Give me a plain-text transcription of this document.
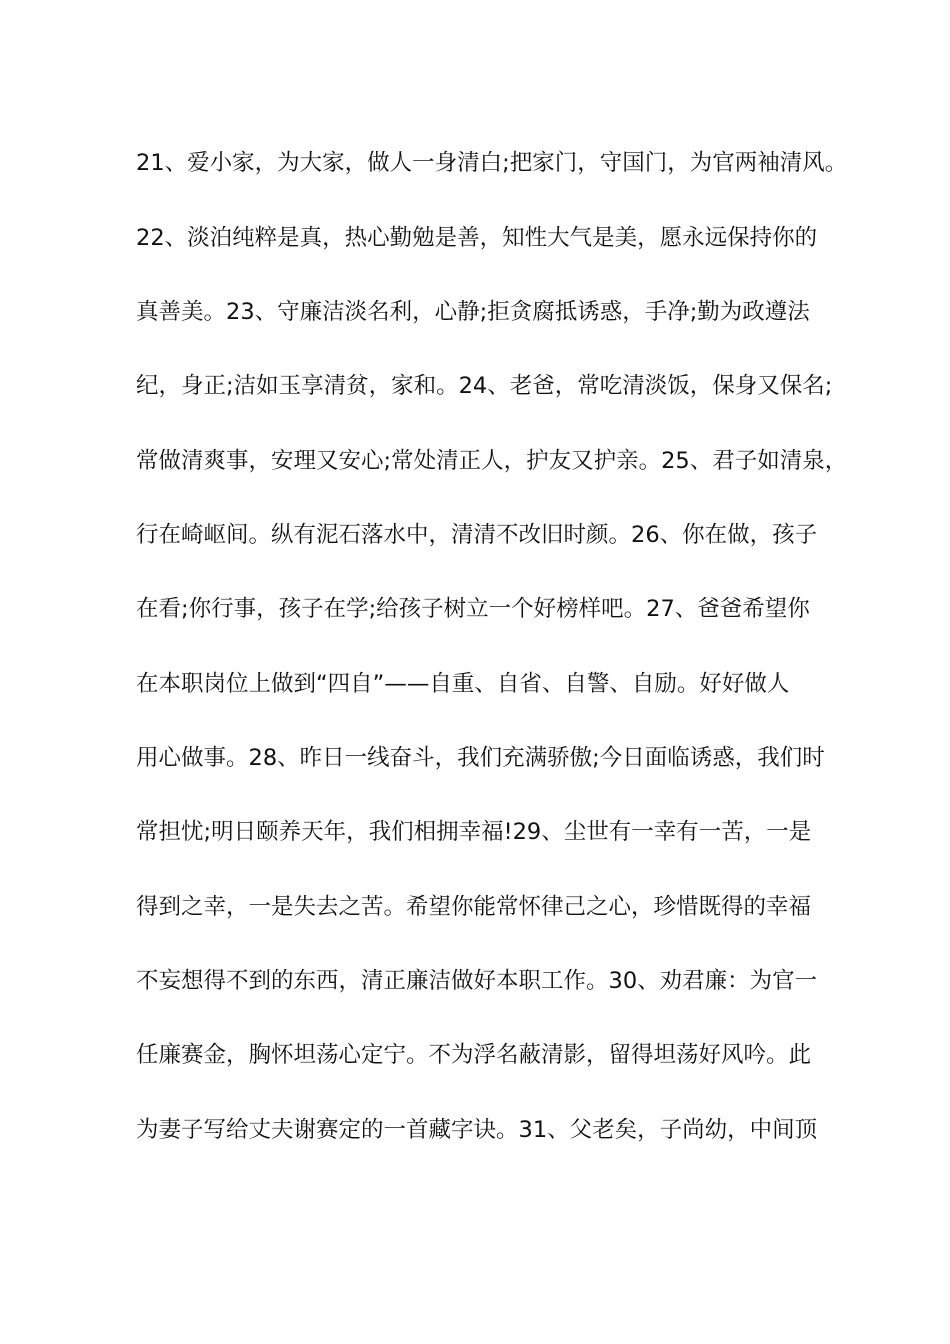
21、爱小家，为大家，做人一身清白;把家门，守国门，为官两袖清风。
22、淡泊纯粹是真，热心勤勉是善，知性大气是美，愿永远保持你的
真善美。23、守廉洁淡名利，心静;拒贪腐抵诱惑，手净;勤为政遵法
纪，身正;洁如玉享清贫，家和。24、老爸，常吃清淡饭，保身又保名;
常做清爽事，安理又安心;常处清正人，护友又护亲。25、君子如清泉，
行在崎岖间。纵有泥石落水中，清清不改旧时颜。26、你在做，孩子
在看;你行事，孩子在学;给孩子树立一个好榜样吧。27、爸爸希望你
在本职岗位上做到“四自”——自重、自省、自警、自励。好好做人
用心做事。28、昨日一线奋斗，我们充满骄傲;今日面临诱惑，我们时
常担忧;明日颐养天年，我们相拥幸福!29、尘世有一幸有一苦，一是
得到之幸，一是失去之苦。希望你能常怀律己之心，珍惜既得的幸福
不妄想得不到的东西，清正廉洁做好本职工作。30、劝君廉：为官一
任廉赛金，胸怀坦荡心定宁。不为浮名蔽清影，留得坦荡好风吟。此
为妻子写给丈夫谢赛定的一首藏字诀。31、父老矣，子尚幼，中间顶
